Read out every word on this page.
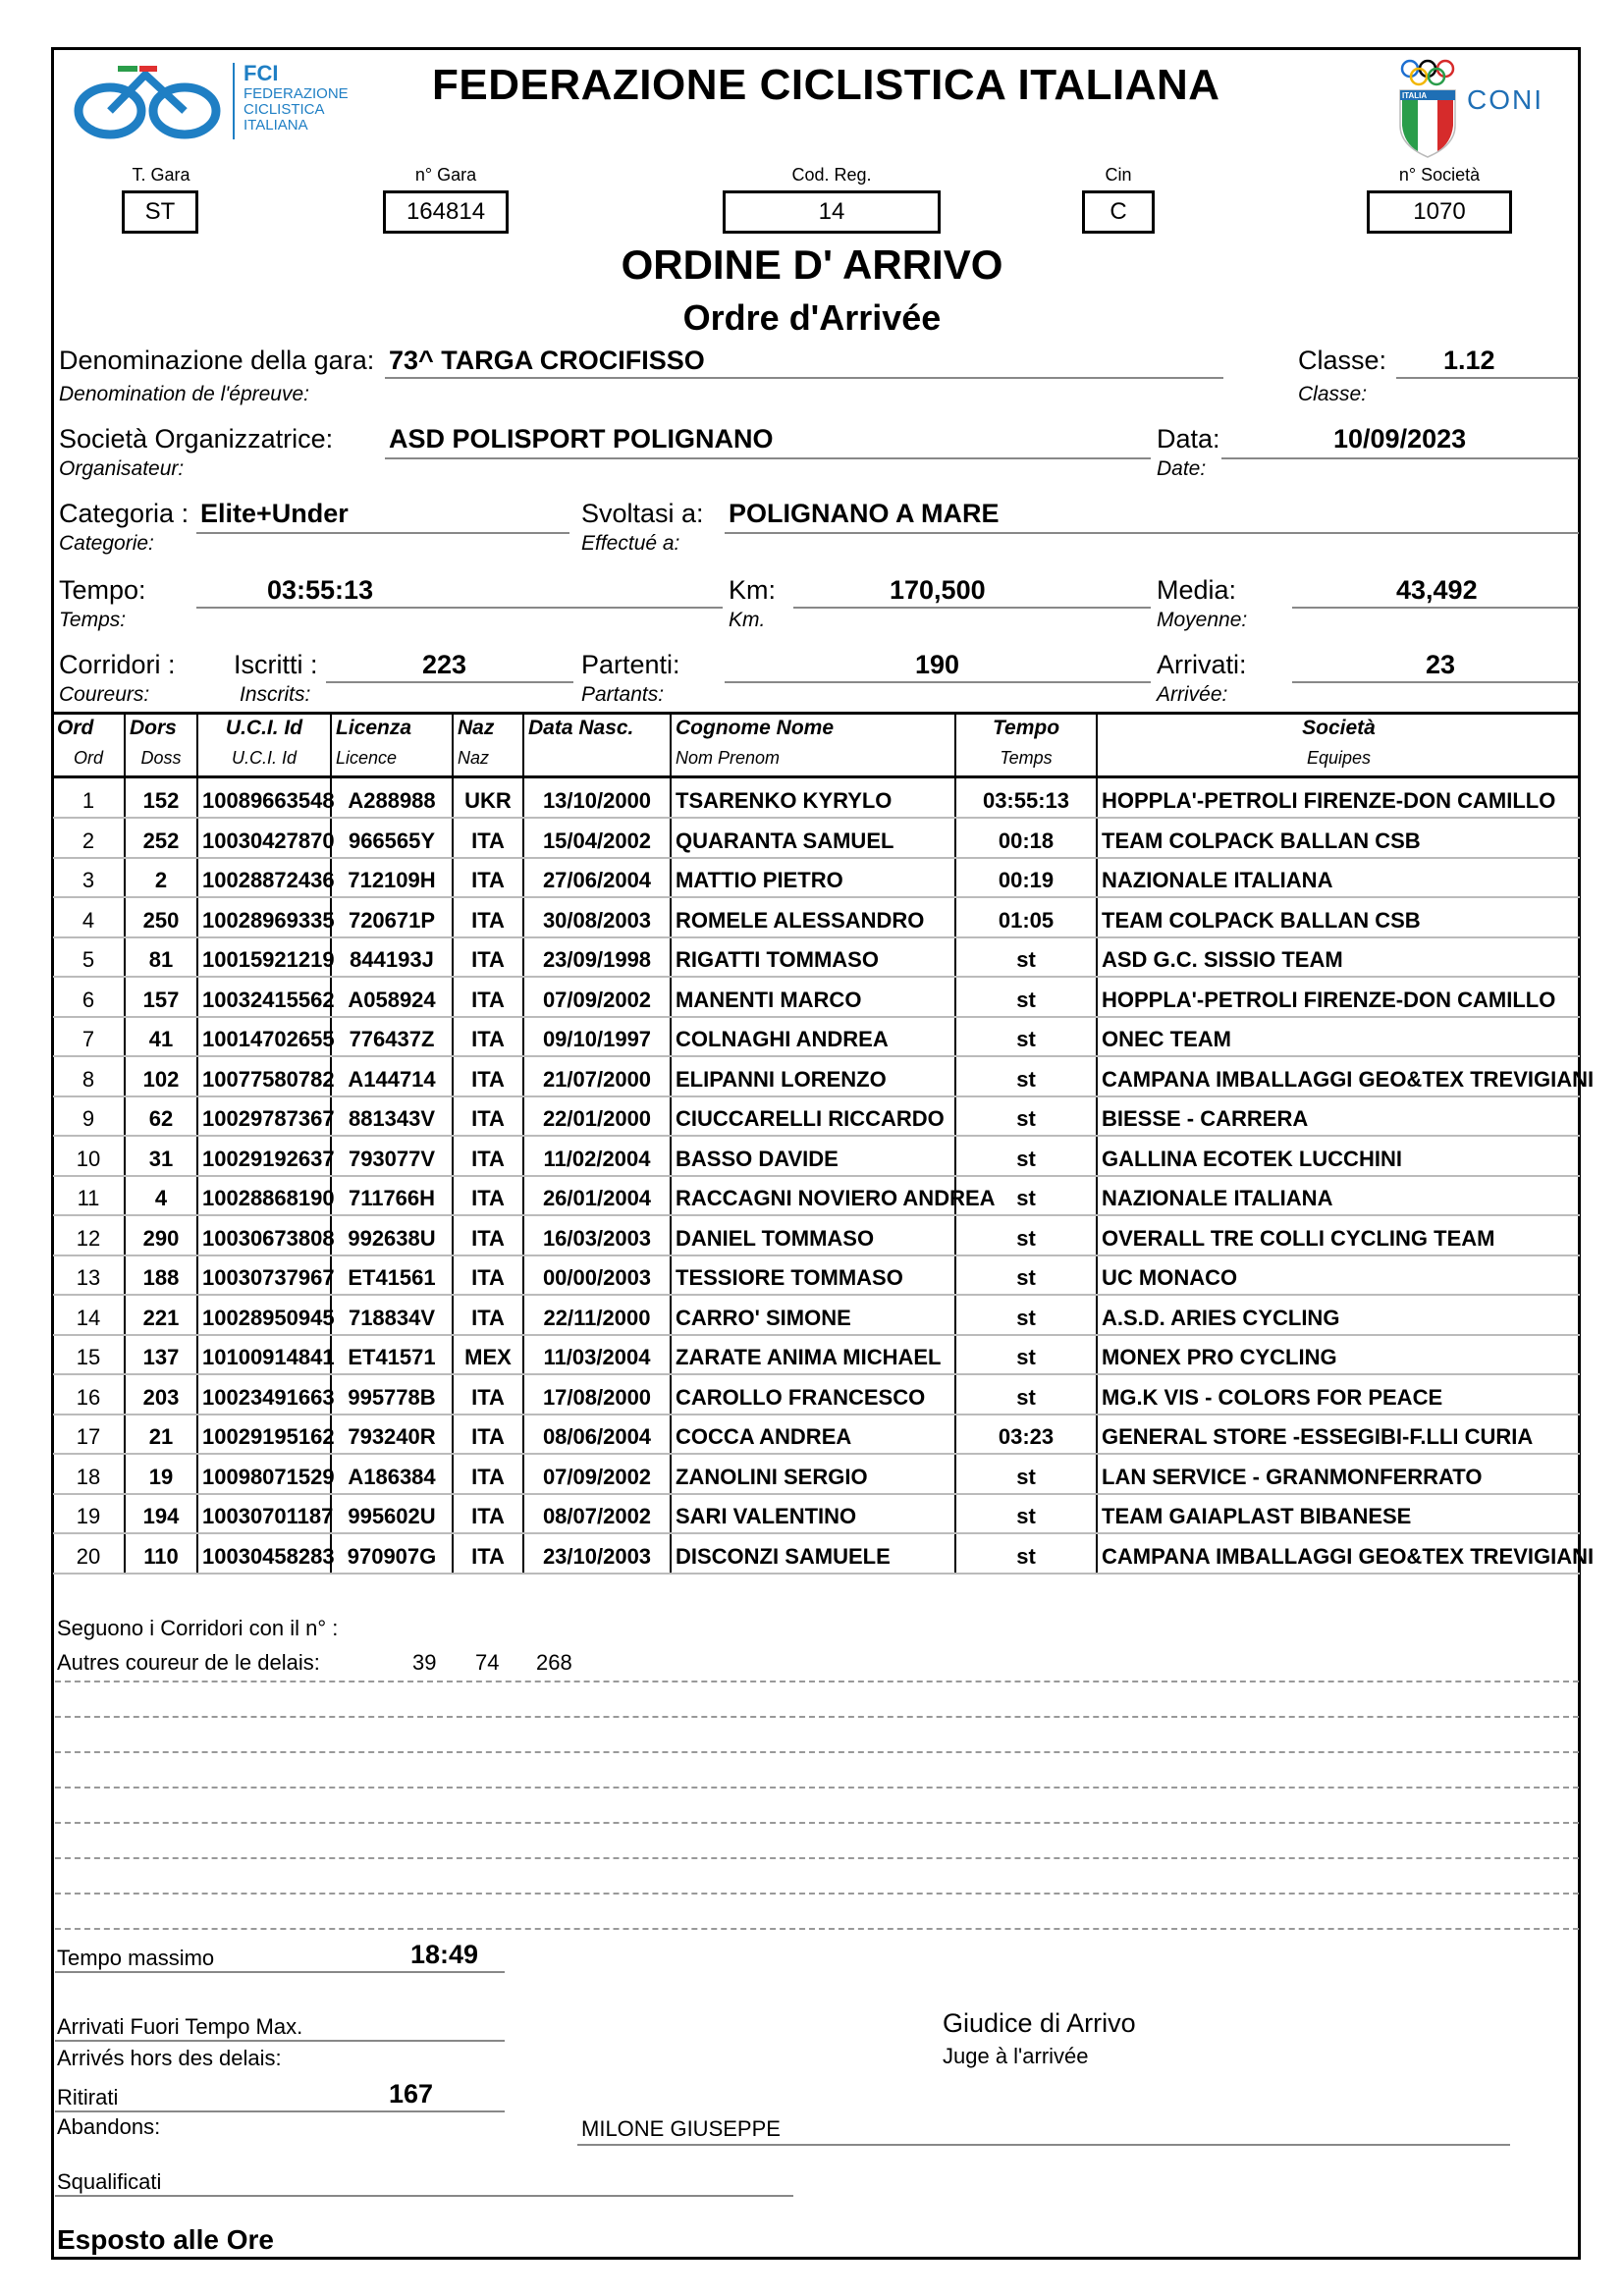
FCI
FEDERAZIONE
CICLISTICA
ITALIANA
FEDERAZIONE CICLISTICA ITALIANA	ITALIA CONI
T. Gara
ST
n° Gara
164814
Cod. Reg.
14
Cin
C
n° Società
1070
ORDINE D' ARRIVO
Ordre d'Arrivée
Denominazione della gara:
Denomination de l'épreuve:
73^ TARGA CROCIFISSO	Classe:
Classe:
1.12
Società Organizzatrice:
Organisateur:
ASD POLISPORT POLIGNANO	Data:
Date:
10/09/2023
Categoria :
Categorie:
Elite+Under	Svoltasi a:
Effectué a:
POLIGNANO A MARE
Tempo:
Temps:
03:55:13	Km:
Km.
170,500	Media:
Moyenne:
43,492
Corridori :
Coureurs:
Iscritti :
Inscrits:
223	Partenti:
Partants:
190	Arrivati:
Arrivée:
23
Ord	Dors	U.C.I. Id	Licenza	Naz	Data Nasc.	Cognome Nome	Tempo	Società
Ord	Doss	U.C.I. Id	Licence	Naz		Nom Prenom	Temps	Equipes
1	152	10089663548	A288988	UKR	13/10/2000	TSARENKO KYRYLO	03:55:13	HOPPLA'-PETROLI FIRENZE-DON CAMILLO
2	252	10030427870	966565Y	ITA	15/04/2002	QUARANTA SAMUEL	00:18	TEAM COLPACK BALLAN CSB
3	2	10028872436	712109H	ITA	27/06/2004	MATTIO PIETRO	00:19	NAZIONALE ITALIANA
4	250	10028969335	720671P	ITA	30/08/2003	ROMELE ALESSANDRO	01:05	TEAM COLPACK BALLAN CSB
5	81	10015921219	844193J	ITA	23/09/1998	RIGATTI TOMMASO	st	ASD G.C. SISSIO TEAM
6	157	10032415562	A058924	ITA	07/09/2002	MANENTI MARCO	st	HOPPLA'-PETROLI FIRENZE-DON CAMILLO
7	41	10014702655	776437Z	ITA	09/10/1997	COLNAGHI ANDREA	st	ONEC TEAM
8	102	10077580782	A144714	ITA	21/07/2000	ELIPANNI LORENZO	st	CAMPANA IMBALLAGGI GEO&TEX TREVIGIANI
9	62	10029787367	881343V	ITA	22/01/2000	CIUCCARELLI RICCARDO	st	BIESSE - CARRERA
10	31	10029192637	793077V	ITA	11/02/2004	BASSO DAVIDE	st	GALLINA ECOTEK LUCCHINI
11	4	10028868190	711766H	ITA	26/01/2004	RACCAGNI NOVIERO ANDREA	st	NAZIONALE ITALIANA
12	290	10030673808	992638U	ITA	16/03/2003	DANIEL TOMMASO	st	OVERALL TRE COLLI CYCLING TEAM
13	188	10030737967	ET41561	ITA	00/00/2003	TESSIORE TOMMASO	st	UC MONACO
14	221	10028950945	718834V	ITA	22/11/2000	CARRO' SIMONE	st	A.S.D. ARIES CYCLING
15	137	10100914841	ET41571	MEX	11/03/2004	ZARATE ANIMA MICHAEL	st	MONEX PRO CYCLING
16	203	10023491663	995778B	ITA	17/08/2000	CAROLLO FRANCESCO	st	MG.K VIS - COLORS FOR PEACE
17	21	10029195162	793240R	ITA	08/06/2004	COCCA ANDREA	03:23	GENERAL STORE -ESSEGIBI-F.LLI CURIA
18	19	10098071529	A186384	ITA	07/09/2002	ZANOLINI SERGIO	st	LAN SERVICE - GRANMONFERRATO
19	194	10030701187	995602U	ITA	08/07/2002	SARI VALENTINO	st	TEAM GAIAPLAST BIBANESE
20	110	10030458283	970907G	ITA	23/10/2003	DISCONZI SAMUELE	st	CAMPANA IMBALLAGGI GEO&TEX TREVIGIANI
Seguono i Corridori con il n° :
Autres coureur de le delais:	39 74 268
Tempo massimo	18:49
Arrivati Fuori Tempo Max.
Arrivés hors des delais:
Ritirati	167
Abandons:
Squalificati
Esposto alle Ore
Giudice di Arrivo
Juge à l'arrivée
MILONE GIUSEPPE
